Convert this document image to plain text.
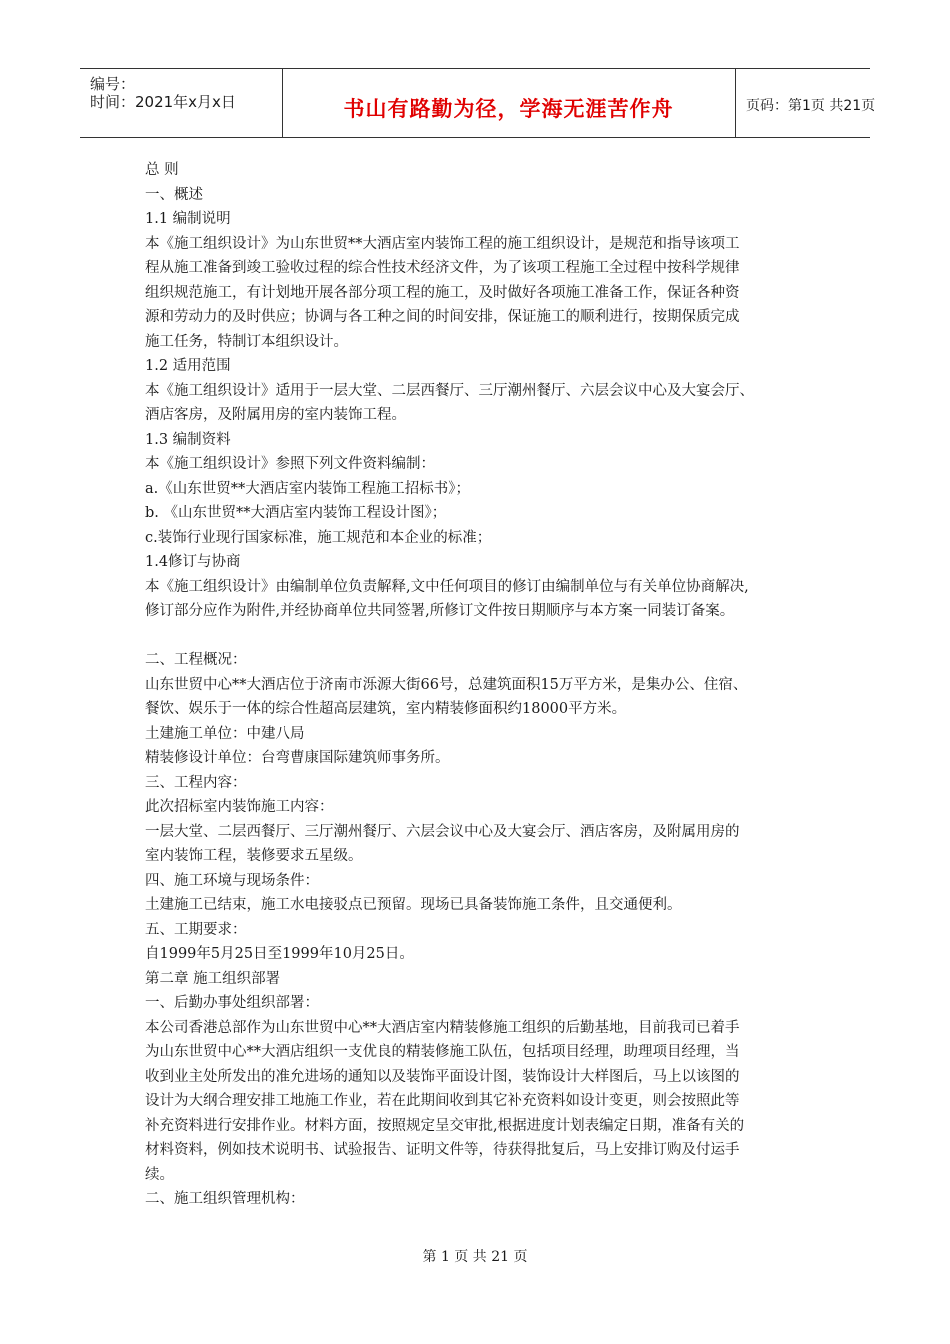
编号：
时间：2021年x月x日	书山有路勤为径，学海无涯苦作舟	页码：第1页 共21页
总 则
一、概述
1.1 编制说明
本《施工组织设计》为山东世贸**大酒店室内装饰工程的施工组织设计，是规范和指导该项工
程从施工准备到竣工验收过程的综合性技术经济文件，为了该项工程施工全过程中按科学规律
组织规范施工，有计划地开展各部分项工程的施工，及时做好各项施工准备工作，保证各种资
源和劳动力的及时供应；协调与各工种之间的时间安排，保证施工的顺利进行，按期保质完成
施工任务，特制订本组织设计。
1.2 适用范围
本《施工组织设计》适用于一层大堂、二层西餐厅、三厅潮州餐厅、六层会议中心及大宴会厅、
酒店客房，及附属用房的室内装饰工程。
1.3 编制资料
本《施工组织设计》参照下列文件资料编制：
a.《山东世贸**大酒店室内装饰工程施工招标书》；
b. 《山东世贸**大酒店室内装饰工程设计图》；
c.装饰行业现行国家标准，施工规范和本企业的标准；
1.4修订与协商
本《施工组织设计》由编制单位负责解释,文中任何项目的修订由编制单位与有关单位协商解决,
修订部分应作为附件,并经协商单位共同签署,所修订文件按日期顺序与本方案一同装订备案。
二、工程概况：
山东世贸中心**大酒店位于济南市泺源大街66号，总建筑面积15万平方米，是集办公、住宿、
餐饮、娱乐于一体的综合性超高层建筑，室内精装修面积约18000平方米。
土建施工单位：中建八局
精装修设计单位：台弯曹康国际建筑师事务所。
三、工程内容：
此次招标室内装饰施工内容：
一层大堂、二层西餐厅、三厅潮州餐厅、六层会议中心及大宴会厅、酒店客房，及附属用房的
室内装饰工程，装修要求五星级。
四、施工环境与现场条件：
土建施工已结束，施工水电接驳点已预留。现场已具备装饰施工条件，且交通便利。
五、工期要求：
自1999年5月25日至1999年10月25日。
第二章 施工组织部署
一、后勤办事处组织部署：
本公司香港总部作为山东世贸中心**大酒店室内精装修施工组织的后勤基地，目前我司已着手
为山东世贸中心**大酒店组织一支优良的精装修施工队伍，包括项目经理，助理项目经理，当
收到业主处所发出的准允进场的通知以及装饰平面设计图，装饰设计大样图后，马上以该图的
设计为大纲合理安排工地施工作业，若在此期间收到其它补充资料如设计变更，则会按照此等
补充资料进行安排作业。材料方面，按照规定呈交审批,根据进度计划表编定日期，准备有关的
材料资料，例如技术说明书、试验报告、证明文件等，待获得批复后，马上安排订购及付运手
续。
二、施工组织管理机构：
第 1 页 共 21 页
